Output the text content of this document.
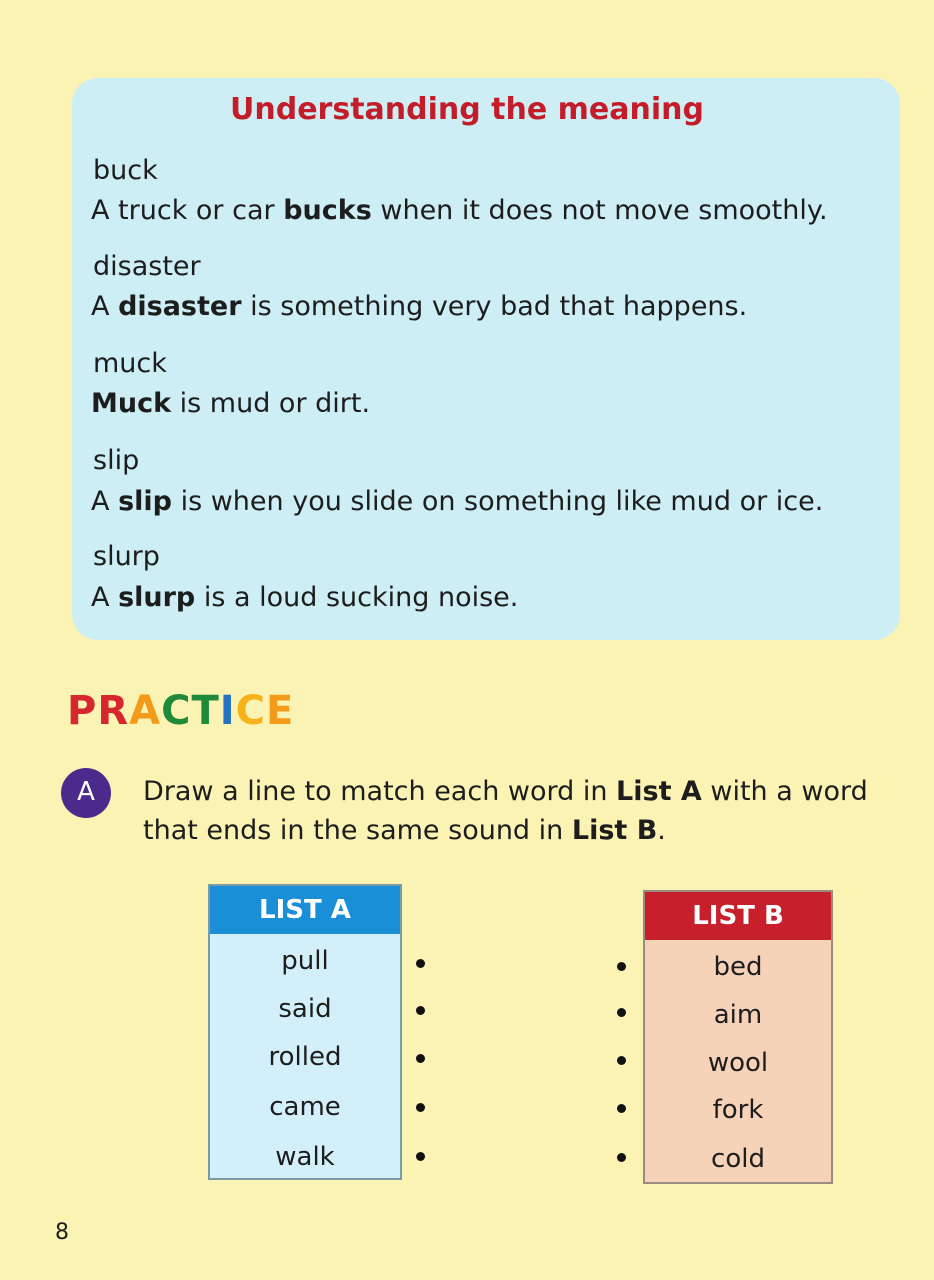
Understanding the meaning
buck
A truck or car bucks when it does not move smoothly.
disaster
A disaster is something very bad that happens.
muck
Muck is mud or dirt.
slip
A slip is when you slide on something like mud or ice.
slurp
A slurp is a loud sucking noise.
PRACTICE
A	Draw a line to match each word in List A with a word
that ends in the same sound in List B.
LIST A
pull
said
rolled
came
walk
LIST B
bed
aim
wool
fork
cold
8
